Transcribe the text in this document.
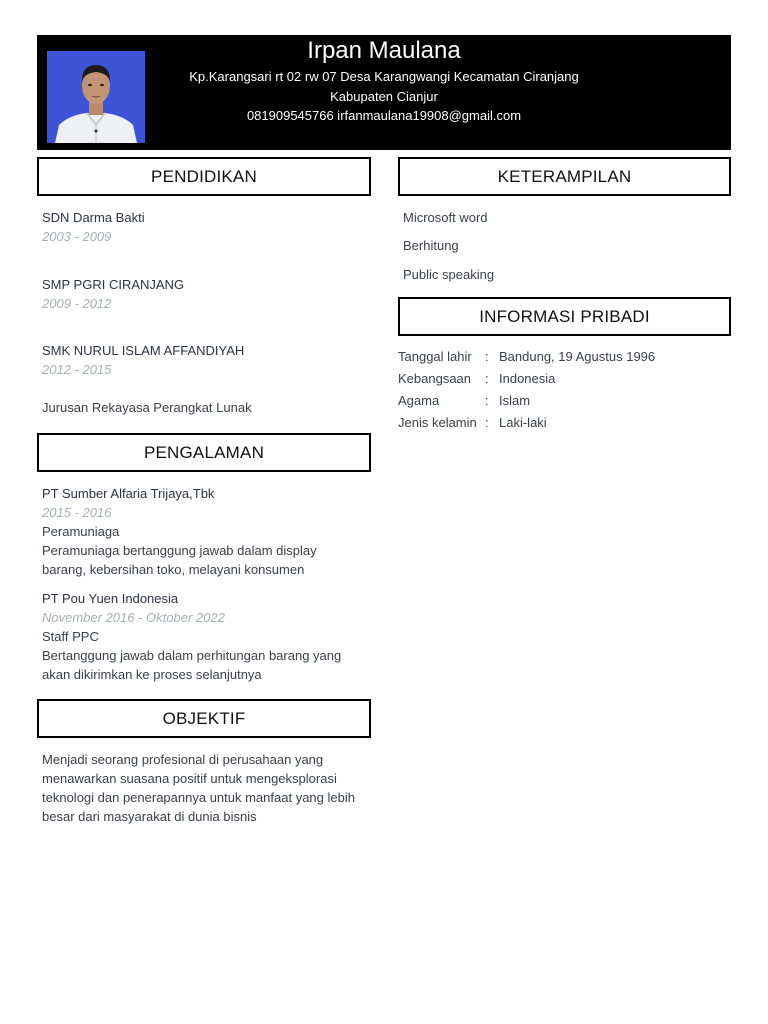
Irpan Maulana
Kp.Karangsari rt 02 rw 07 Desa Karangwangi Kecamatan Ciranjang
Kabupaten Cianjur
081909545766 irfanmaulana19908@gmail.com
PENDIDIKAN
SDN Darma Bakti
2003 - 2009
SMP PGRI CIRANJANG
2009 - 2012
SMK NURUL ISLAM AFFANDIYAH
2012 - 2015
Jurusan Rekayasa Perangkat Lunak
PENGALAMAN
PT Sumber Alfaria Trijaya,Tbk
2015 - 2016
Peramuniaga
Peramuniaga bertanggung jawab dalam display
barang, kebersihan toko, melayani konsumen
PT Pou Yuen Indonesia
November 2016 - Oktober 2022
Staff PPC
Bertanggung jawab dalam perhitungan barang yang
akan dikirimkan ke proses selanjutnya
OBJEKTIF
Menjadi seorang profesional di perusahaan yang
menawarkan suasana positif untuk mengeksplorasi
teknologi dan penerapannya untuk manfaat yang lebih
besar dari masyarakat di dunia bisnis
KETERAMPILAN
Microsoft word
Berhitung
Public speaking
INFORMASI PRIBADI
Tanggal lahir : Bandung, 19 Agustus 1996
Kebangsaan : Indonesia
Agama	: Islam
Jenis kelamin : Laki-laki
